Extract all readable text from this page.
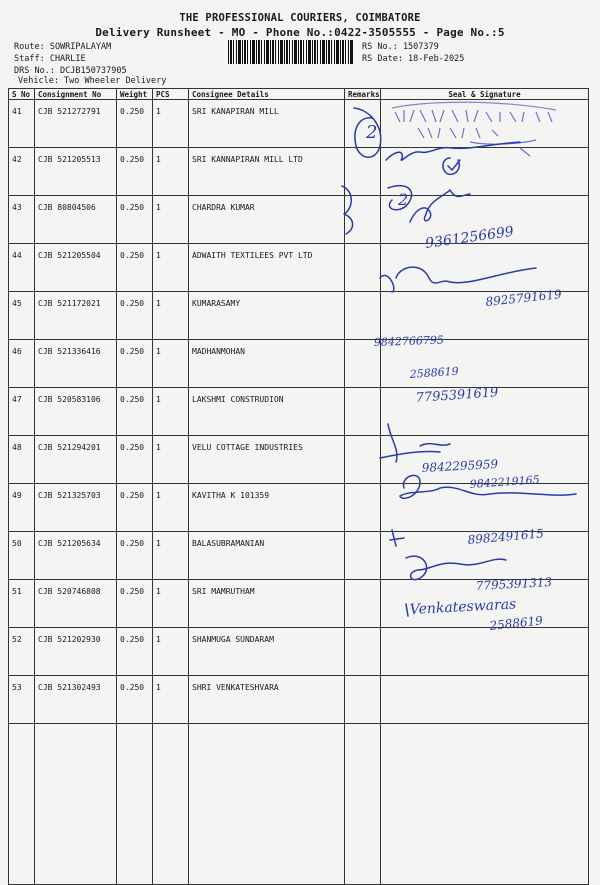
THE PROFESSIONAL COURIERS, COIMBATORE
Delivery Runsheet - MO - Phone No.:0422-3505555 - Page No.:5
Route: SOWRIPALAYAM
Staff: CHARLIE
DRS No.: DCJB150737905
Vehicle: Two Wheeler Delivery
RS No.: 1507379
RS Date: 18-Feb-2025
S No	Consignment No	Weight	PCS	Consignee Details	Remarks	Seal & Signature
41	CJB 521272791	0.250	1	SRI KANAPIRAN MILL		
42	CJB 521205513	0.250	1	SRI KANNAPIRAN MILL LTD		
43	CJB 80804506	0.250	1	CHARDRA KUMAR		
44	CJB 521205504	0.250	1	ADWAITH TEXTILEES PVT LTD		
45	CJB 521172021	0.250	1	KUMARASAMY		
46	CJB 521336416	0.250	1	MADHANMOHAN		
47	CJB 520583106	0.250	1	LAKSHMI CONSTRUDION		
48	CJB 521294201	0.250	1	VELU COTTAGE INDUSTRIES		
49	CJB 521325703	0.250	1	KAVITHA K 101359		
50	CJB 521205634	0.250	1	BALASUBRAMANIAN		
51	CJB 520746808	0.250	1	SRI MAMRUTHAM		
52	CJB 521202930	0.250	1	SHANMUGA SUNDARAM		
53	CJB 521302493	0.250	1	SHRI VENKATESHVARA		

2
2
9361256699
8925791619
9842766795
2588619
7795391619
9842295959
9842219165
8982491615
7795391313
Venkateswaras
2588619
